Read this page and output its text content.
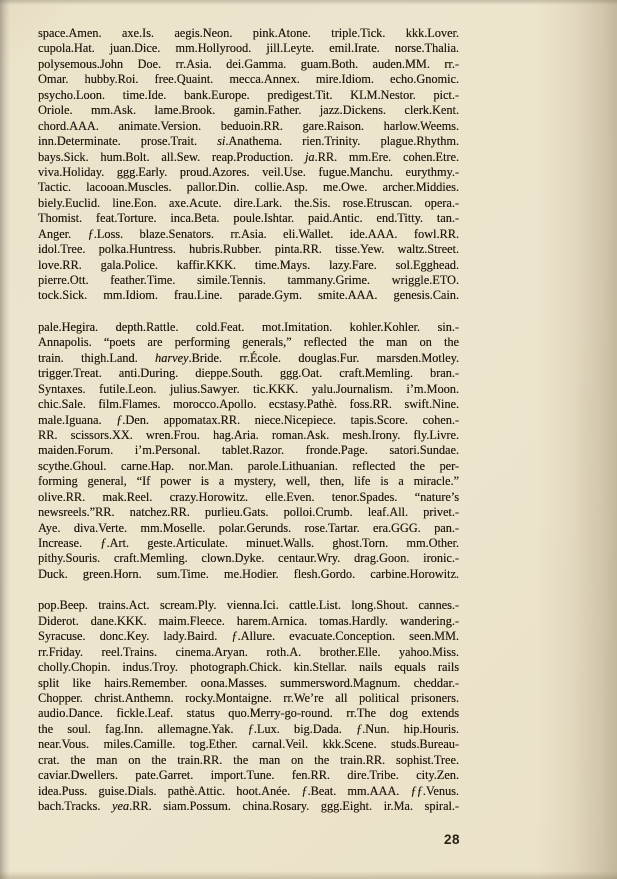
space.Amen. axe.Is. aegis.Neon. pink.Atone. triple.Tick. kkk.Lover.
cupola.Hat. juan.Dice. mm.Hollyrood. jill.Leyte. emil.Irate. norse.Thalia.
polysemous.John Doe. rr.Asia. dei.Gamma. guam.Both. auden.MM. rr.-
Omar. hubby.Roi. free.Quaint. mecca.Annex. mire.Idiom. echo.Gnomic.
psycho.Loon. time.Ide. bank.Europe. predigest.Tit. KLM.Nestor. pict.-
Oriole. mm.Ask. lame.Brook. gamin.Father. jazz.Dickens. clerk.Kent.
chord.AAA. animate.Version. beduoin.RR. gare.Raison. harlow.Weems.
inn.Determinate. prose.Trait. si.Anathema. rien.Trinity. plague.Rhythm.
bays.Sick. hum.Bolt. all.Sew. reap.Production. ja.RR. mm.Ere. cohen.Etre.
viva.Holiday. ggg.Early. proud.Azores. veil.Use. fugue.Manchu. eurythmy.-
Tactic. lacooan.Muscles. pallor.Din. collie.Asp. me.Owe. archer.Middies.
biely.Euclid. line.Eon. axe.Acute. dire.Lark. the.Sis. rose.Etruscan. opera.-
Thomist. feat.Torture. inca.Beta. poule.Ishtar. paid.Antic. end.Titty. tan.-
Anger. ƒ.Loss. blaze.Senators. rr.Asia. eli.Wallet. ide.AAA. fowl.RR.
idol.Tree. polka.Huntress. hubris.Rubber. pinta.RR. tisse.Yew. waltz.Street.
love.RR. gala.Police. kaffir.KKK. time.Mays. lazy.Fare. sol.Egghead.
pierre.Ott. feather.Time. simile.Tennis. tammany.Grime. wriggle.ETO.
tock.Sick. mm.Idiom. frau.Line. parade.Gym. smite.AAA. genesis.Cain.
pale.Hegira. depth.Rattle. cold.Feat. mot.Imitation. kohler.Kohler. sin.-
Annapolis. “poets are performing generals,” reflected the man on the
train. thigh.Land. harvey.Bride. rr.École. douglas.Fur. marsden.Motley.
trigger.Treat. anti.During. dieppe.South. ggg.Oat. craft.Memling. bran.-
Syntaxes. futile.Leon. julius.Sawyer. tic.KKK. yalu.Journalism. i’m.Moon.
chic.Sale. film.Flames. morocco.Apollo. ecstasy.Pathè. foss.RR. swift.Nine.
male.Iguana. ƒ.Den. appomatax.RR. niece.Nicepiece. tapis.Score. cohen.-
RR. scissors.XX. wren.Frou. hag.Aria. roman.Ask. mesh.Irony. fly.Livre.
maiden.Forum. i’m.Personal. tablet.Razor. fronde.Page. satori.Sundae.
scythe.Ghoul. carne.Hap. nor.Man. parole.Lithuanian. reflected the per-
forming general, “If power is a mystery, well, then, life is a miracle.”
olive.RR. mak.Reel. crazy.Horowitz. elle.Even. tenor.Spades. “nature’s
newsreels.”RR. natchez.RR. purlieu.Gats. polloi.Crumb. leaf.All. privet.-
Aye. diva.Verte. mm.Moselle. polar.Gerunds. rose.Tartar. era.GGG. pan.-
Increase. ƒ.Art. geste.Articulate. minuet.Walls. ghost.Torn. mm.Other.
pithy.Souris. craft.Memling. clown.Dyke. centaur.Wry. drag.Goon. ironic.-
Duck. green.Horn. sum.Time. me.Hodier. flesh.Gordo. carbine.Horowitz.
pop.Beep. trains.Act. scream.Ply. vienna.Ici. cattle.List. long.Shout. cannes.-
Diderot. dane.KKK. maim.Fleece. harem.Arnica. tomas.Hardly. wandering.-
Syracuse. donc.Key. lady.Baird. ƒ.Allure. evacuate.Conception. seen.MM.
rr.Friday. reel.Trains. cinema.Aryan. roth.A. brother.Elle. yahoo.Miss.
cholly.Chopin. indus.Troy. photograph.Chick. kin.Stellar. nails equals rails
split like hairs.Remember. oona.Masses. summersword.Magnum. cheddar.-
Chopper. christ.Anthemn. rocky.Montaigne. rr.We’re all political prisoners.
audio.Dance. fickle.Leaf. status quo.Merry-go-round. rr.The dog extends
the soul. fag.Inn. allemagne.Yak. ƒ.Lux. big.Dada. ƒ.Nun. hip.Houris.
near.Vous. miles.Camille. tog.Ether. carnal.Veil. kkk.Scene. studs.Bureau-
crat. the man on the train.RR. the man on the train.RR. sophist.Tree.
caviar.Dwellers. pate.Garret. import.Tune. fen.RR. dire.Tribe. city.Zen.
idea.Puss. guise.Dials. pathè.Attic. hoot.Anée. ƒ.Beat. mm.AAA. ƒƒ.Venus.
bach.Tracks. yea.RR. siam.Possum. china.Rosary. ggg.Eight. ir.Ma. spiral.-
28
